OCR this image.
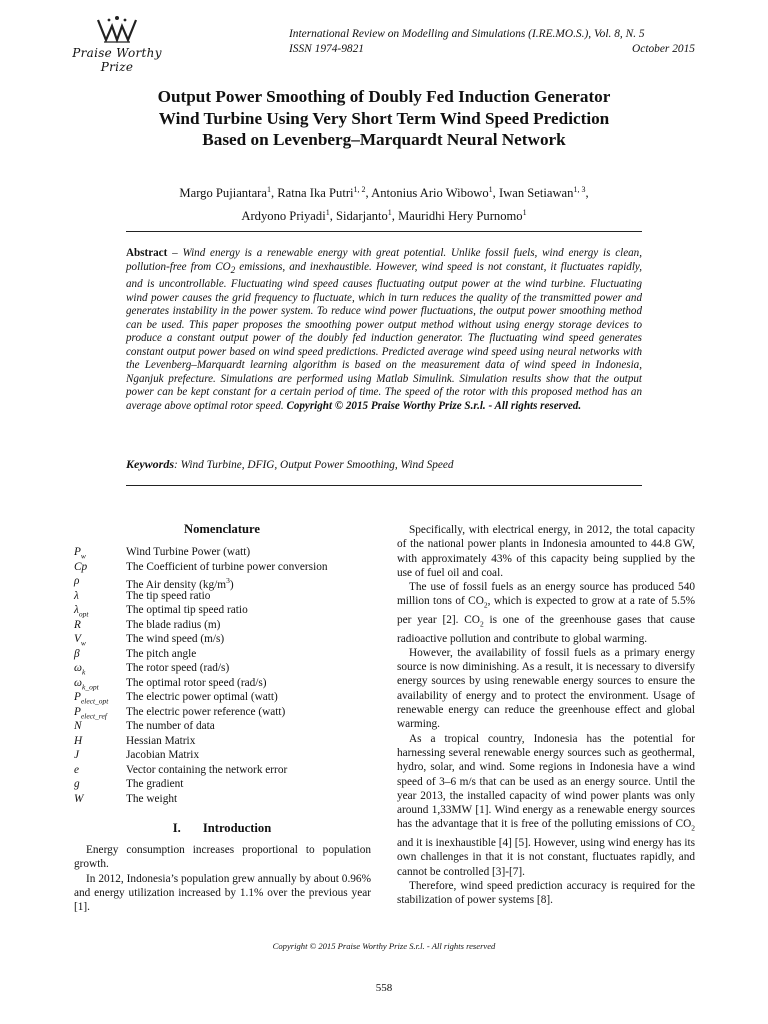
Praise Worthy Prize
International Review on Modelling and Simulations (I.RE.MO.S.), Vol. 8, N. 5
ISSN 1974-9821	October 2015
Output Power Smoothing of Doubly Fed Induction Generator
Wind Turbine Using Very Short Term Wind Speed Prediction
Based on Levenberg–Marquardt Neural Network
Margo Pujiantara$^1$, Ratna Ika Putri$^{1, 2}$, Antonius Ario Wibowo$^1$, Iwan Setiawan$^{1, 3}$,
Ardyono Priyadi$^1$, Sidarjanto$^1$, Mauridhi Hery Purnomo$^1$
Abstract – Wind energy is a renewable energy with great potential. Unlike fossil fuels, wind energy is clean, pollution-free from $CO_2$ emissions, and inexhaustible. However, wind speed is not constant, it fluctuates rapidly, and is uncontrollable. Fluctuating wind speed causes fluctuating output power at the wind turbine. Fluctuating wind power causes the grid frequency to fluctuate, which in turn reduces the quality of the transmitted power and generates instability in the power system. To reduce wind power fluctuations, the output power smoothing method can be used. This paper proposes the smoothing power output method without using energy storage devices to produce a constant output power of the doubly fed induction generator. The fluctuating wind speed generates constant output power based on wind speed predictions. Predicted average wind speed using neural networks with the Levenberg–Marquardt learning algorithm is based on the measurement data of wind speed in Indonesia, Nganjuk prefecture. Simulations are performed using Matlab Simulink. Simulation results show that the output power can be kept constant for a certain period of time. The speed of the rotor with this proposed method has an average above optimal rotor speed. Copyright © 2015 Praise Worthy Prize S.r.l. - All rights reserved.
Keywords: Wind Turbine, DFIG, Output Power Smoothing, Wind Speed
Nomenclature
$P_w$	Wind Turbine Power (watt)
Cp	The Coefficient of turbine power conversion
ρ	The Air density $(kg/m^3)$
λ	The tip speed ratio
$\lambda_{opt}$	The optimal tip speed ratio
R	The blade radius (m)
$V_w$	The wind speed (m/s)
β	The pitch angle
$\omega_k$	The rotor speed (rad/s)
$\omega_{k\_opt}$	The optimal rotor speed (rad/s)
$P_{elect\_opt}$	The electric power optimal (watt)
$P_{elect\_ref}$	The electric power reference (watt)
N	The number of data
H	Hessian Matrix
J	Jacobian Matrix
e	Vector containing the network error
g	The gradient
W	The weight
I. Introduction

Energy consumption increases proportional to population growth.

In 2012, Indonesia’s population grew annually by about 0.96% and energy utilization increased by 1.1% over the previous year [1].

Specifically, with electrical energy, in 2012, the total capacity of the national power plants in Indonesia amounted to 44.8 GW, with approximately 43% of this capacity being supplied by the use of fuel oil and coal.

The use of fossil fuels as an energy source has produced 540 million tons of $CO_2$, which is expected to grow at a rate of 5.5% per year [2]. $CO_2$ is one of the greenhouse gases that cause radioactive pollution and contribute to global warming.

However, the availability of fossil fuels as a primary energy source is now diminishing. As a result, it is necessary to diversify energy sources by using renewable energy sources to ensure the availability of energy and to protect the environment. Usage of renewable energy can reduce the greenhouse effect and global warming.

As a tropical country, Indonesia has the potential for harnessing several renewable energy sources such as geothermal, hydro, solar, and wind. Some regions in Indonesia have a wind speed of 3–6 m/s that can be used as an energy source. Until the year 2013, the installed capacity of wind power plants was only around 1,33MW [1]. Wind energy as a renewable energy sources has the advantage that it is free of the polluting emissions of $CO_2$ and it is inexhaustible [4] [5]. However, using wind energy has its own challenges in that it is not constant, fluctuates rapidly, and cannot be controlled [3]-[7].

Therefore, wind speed prediction accuracy is required for the stabilization of power systems [8].

Copyright © 2015 Praise Worthy Prize S.r.l. - All rights reserved
558
